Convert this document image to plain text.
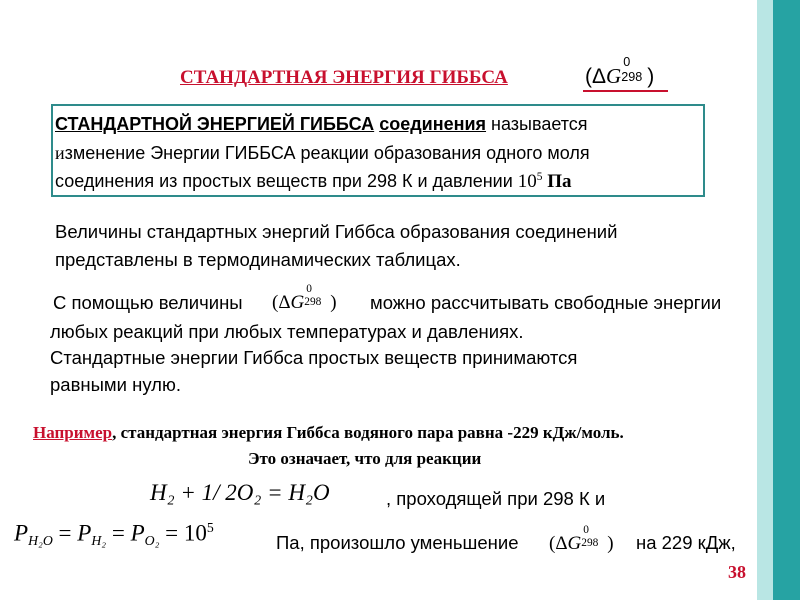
СТАНДАРТНАЯ ЭНЕРГИЯ ГИББСА	(ΔG
0
298 )
СТАНДАРТНОЙ ЭНЕРГИЕЙ ГИББСА соединения называется
изменение Энергии ГИББСА реакции образования одного моля
соединения из простых веществ при 298 К и давлении $10^5$ Па
Величины стандартных энергий Гиббса образования соединений
представлены в термодинамических таблицах.
С помощью величины (ΔG
0
298 ) можно рассчитывать свободные энергии
любых реакций при любых температурах и давлениях.
Стандартные энергии Гиббса простых веществ принимаются
равными нулю.
Например, стандартная энергия Гиббса водяного пара равна -229 кДж/моль.
Это означает, что для реакции
H₂ + 1/ 2O₂ = H₂O	, проходящей при 298 К и
$P_{H_2O} = P_{H_2} = P_{O_2} = 10^5$
Па, произошло уменьшение (ΔG
0
298 ) на 229 кДж,
38
